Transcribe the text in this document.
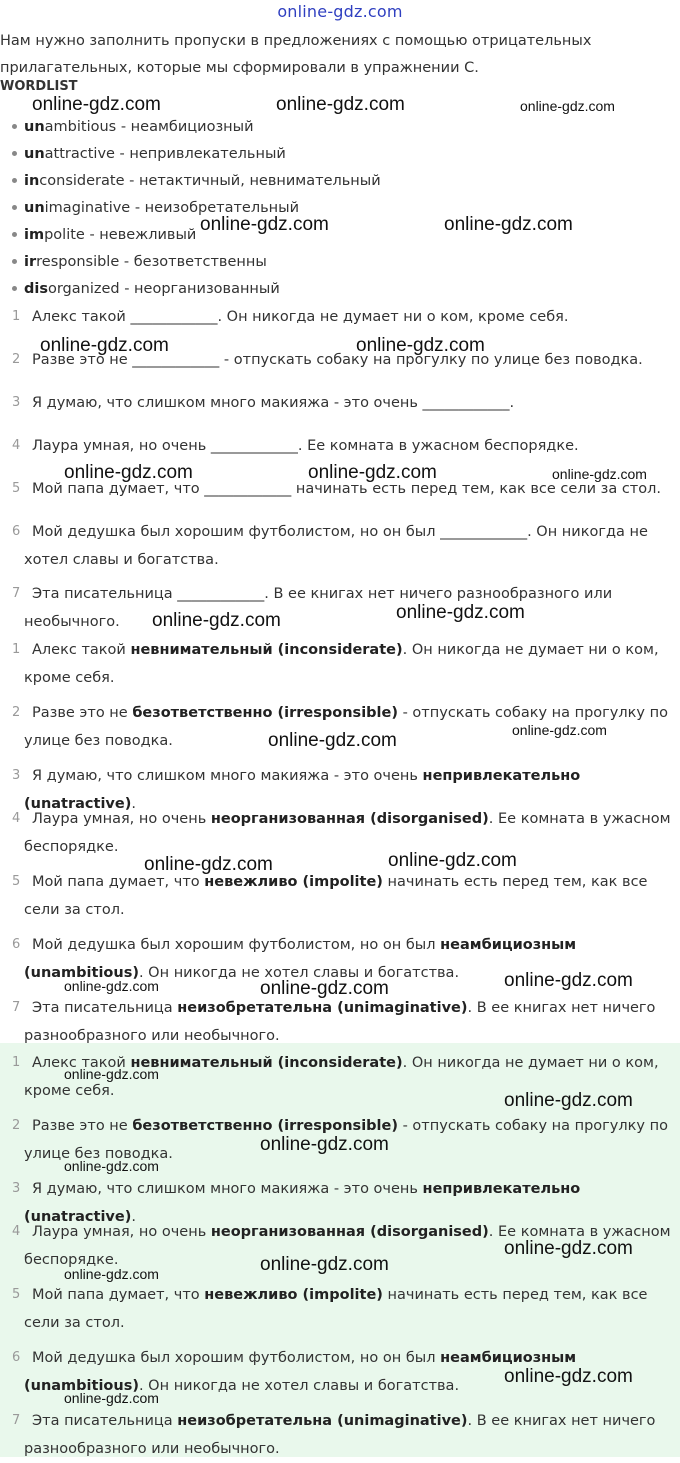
online-gdz.com
Нам нужно заполнить пропуски в предложениях с помощью отрицательных прилагательных, которые мы сформировали в упражнении С.
WORDLIST
unambitious - неамбициозный
unattractive - непривлекательный
inconsiderate - нетактичный, невнимательный
unimaginative - неизобретательный
impolite - невежливый
irresponsible - безответственны
disorganized - неорганизованный
1 Алекс такой ____________. Он никогда не думает ни о ком, кроме себя.
2 Разве это не ____________ - отпускать собаку на прогулку по улице без поводка.
3 Я думаю, что слишком много макияжа - это очень ____________.
4 Лаура умная, но очень ____________. Ее комната в ужасном беспорядке.
5 Мой папа думает, что ____________ начинать есть перед тем, как все сели за стол.
6 Мой дедушка был хорошим футболистом, но он был ____________. Он никогда не хотел славы и богатства.
7 Эта писательница ____________. В ее книгах нет ничего разнообразного или необычного.
1 Алекс такой невнимательный (inconsiderate). Он никогда не думает ни о ком, кроме себя.
2 Разве это не безответственно (irresponsible) - отпускать собаку на прогулку по улице без поводка.
3 Я думаю, что слишком много макияжа - это очень непривлекательно (unatractive).
4 Лаура умная, но очень неорганизованная (disorganised). Ее комната в ужасном беспорядке.
5 Мой папа думает, что невежливо (impolite) начинать есть перед тем, как все сели за стол.
6 Мой дедушка был хорошим футболистом, но он был неамбициозным (unambitious). Он никогда не хотел славы и богатства.
7 Эта писательница неизобретательна (unimaginative). В ее книгах нет ничего разнообразного или необычного.
1 Алекс такой невнимательный (inconsiderate). Он никогда не думает ни о ком, кроме себя.
2 Разве это не безответственно (irresponsible) - отпускать собаку на прогулку по улице без поводка.
3 Я думаю, что слишком много макияжа - это очень непривлекательно (unatractive).
4 Лаура умная, но очень неорганизованная (disorganised). Ее комната в ужасном беспорядке.
5 Мой папа думает, что невежливо (impolite) начинать есть перед тем, как все сели за стол.
6 Мой дедушка был хорошим футболистом, но он был неамбициозным (unambitious). Он никогда не хотел славы и богатства.
7 Эта писательница неизобретательна (unimaginative). В ее книгах нет ничего разнообразного или необычного.
online-gdz.com	online-gdz.com	online-gdz.com
online-gdz.com	online-gdz.com
online-gdz.com	online-gdz.com
online-gdz.com	online-gdz.com	online-gdz.com
online-gdz.com
online-gdz.com
online-gdz.com
online-gdz.com
online-gdz.com
online-gdz.com
online-gdz.com
online-gdz.com	online-gdz.com
online-gdz.com
online-gdz.com
online-gdz.com
online-gdz.com
online-gdz.com
online-gdz.com
online-gdz.com
online-gdz.com
online-gdz.com
